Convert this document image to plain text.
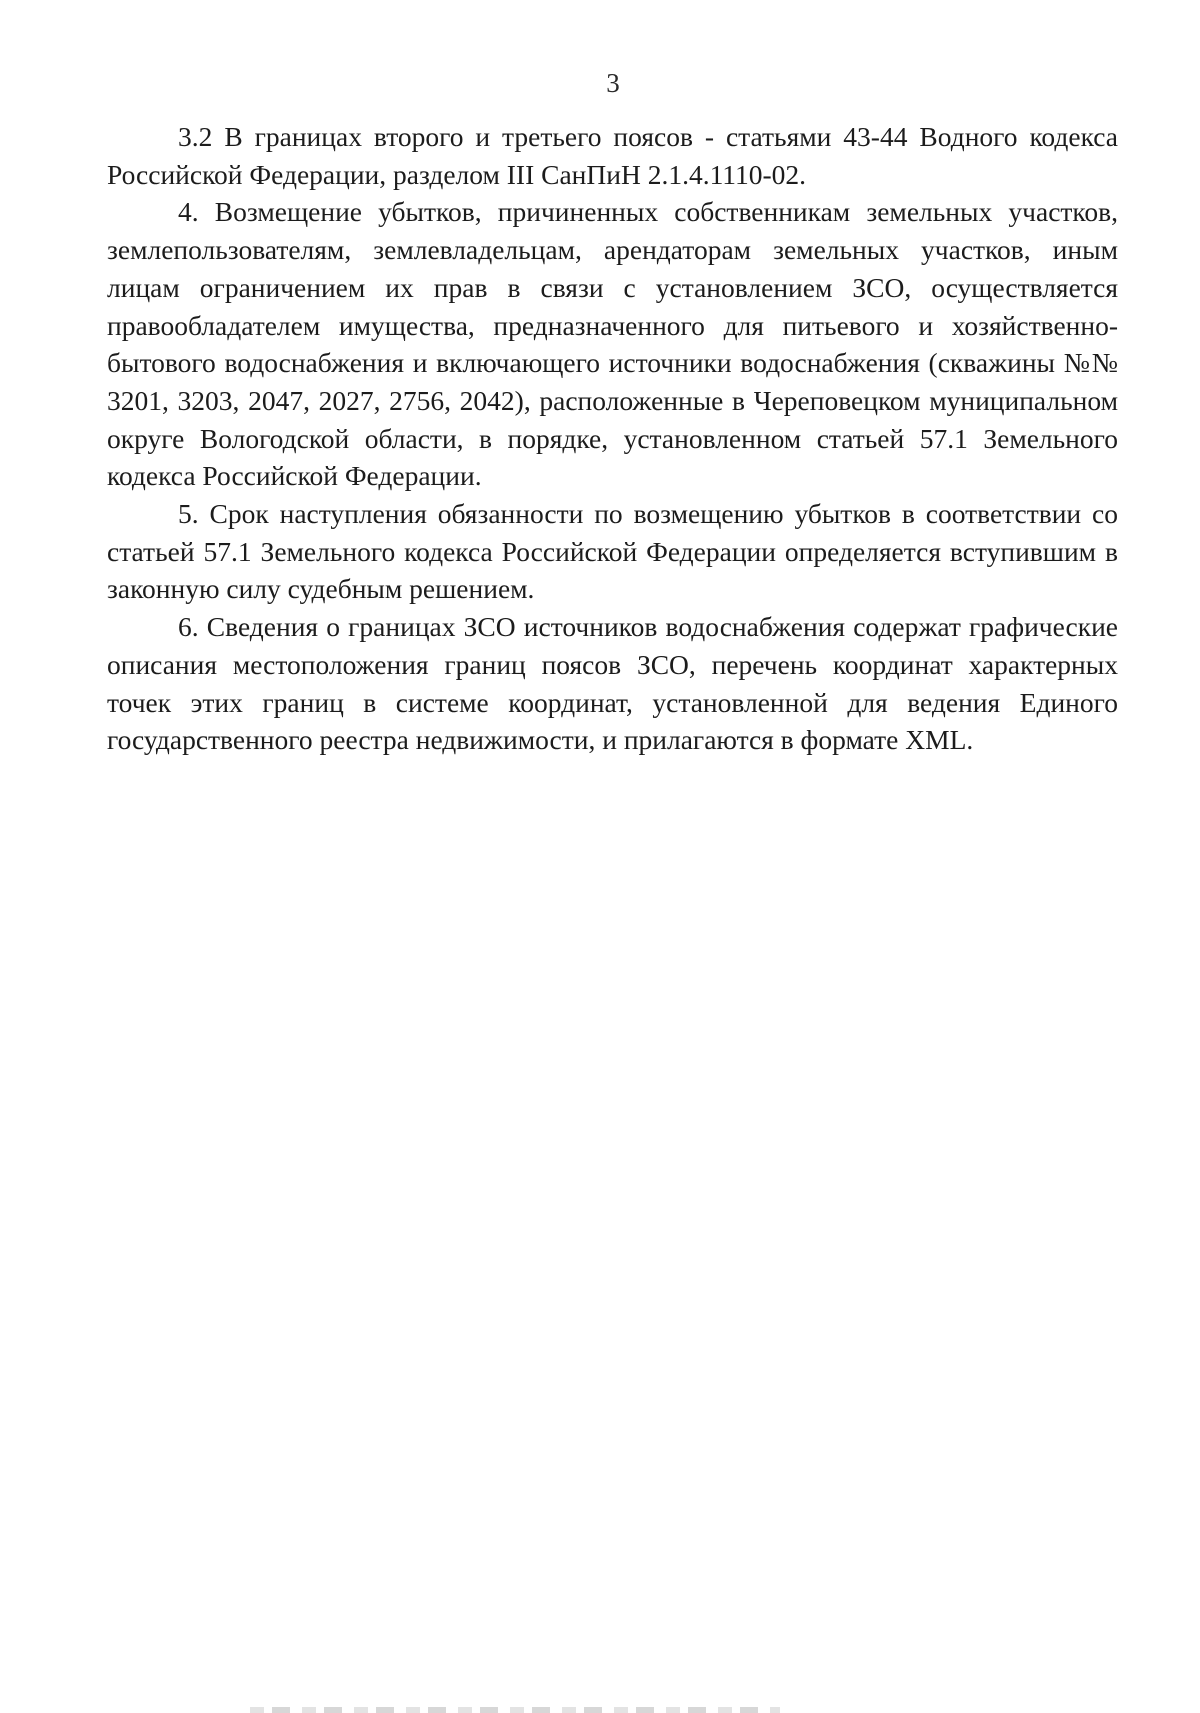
3

3.2 В границах второго и третьего поясов - статьями 43-44 Водного кодекса Российской Федерации, разделом III СанПиН 2.1.4.1110-02.

4. Возмещение убытков, причиненных собственникам земельных участков, землепользователям, землевладельцам, арендаторам земельных участков, иным лицам ограничением их прав в связи с установлением ЗСО, осуществляется правообладателем имущества, предназначенного для питьевого и хозяйственно-бытового водоснабжения и включающего источники водоснабжения (скважины №№ 3201, 3203, 2047, 2027, 2756, 2042), расположенные в Череповецком муниципальном округе Вологодской области, в порядке, установленном статьей 57.1 Земельного кодекса Российской Федерации.

5. Срок наступления обязанности по возмещению убытков в соответствии со статьей 57.1 Земельного кодекса Российской Федерации определяется вступившим в законную силу судебным решением.

6. Сведения о границах ЗСО источников водоснабжения содержат графические описания местоположения границ поясов ЗСО, перечень координат характерных точек этих границ в системе координат, установленной для ведения Единого государственного реестра недвижимости, и прилагаются в формате XML.
